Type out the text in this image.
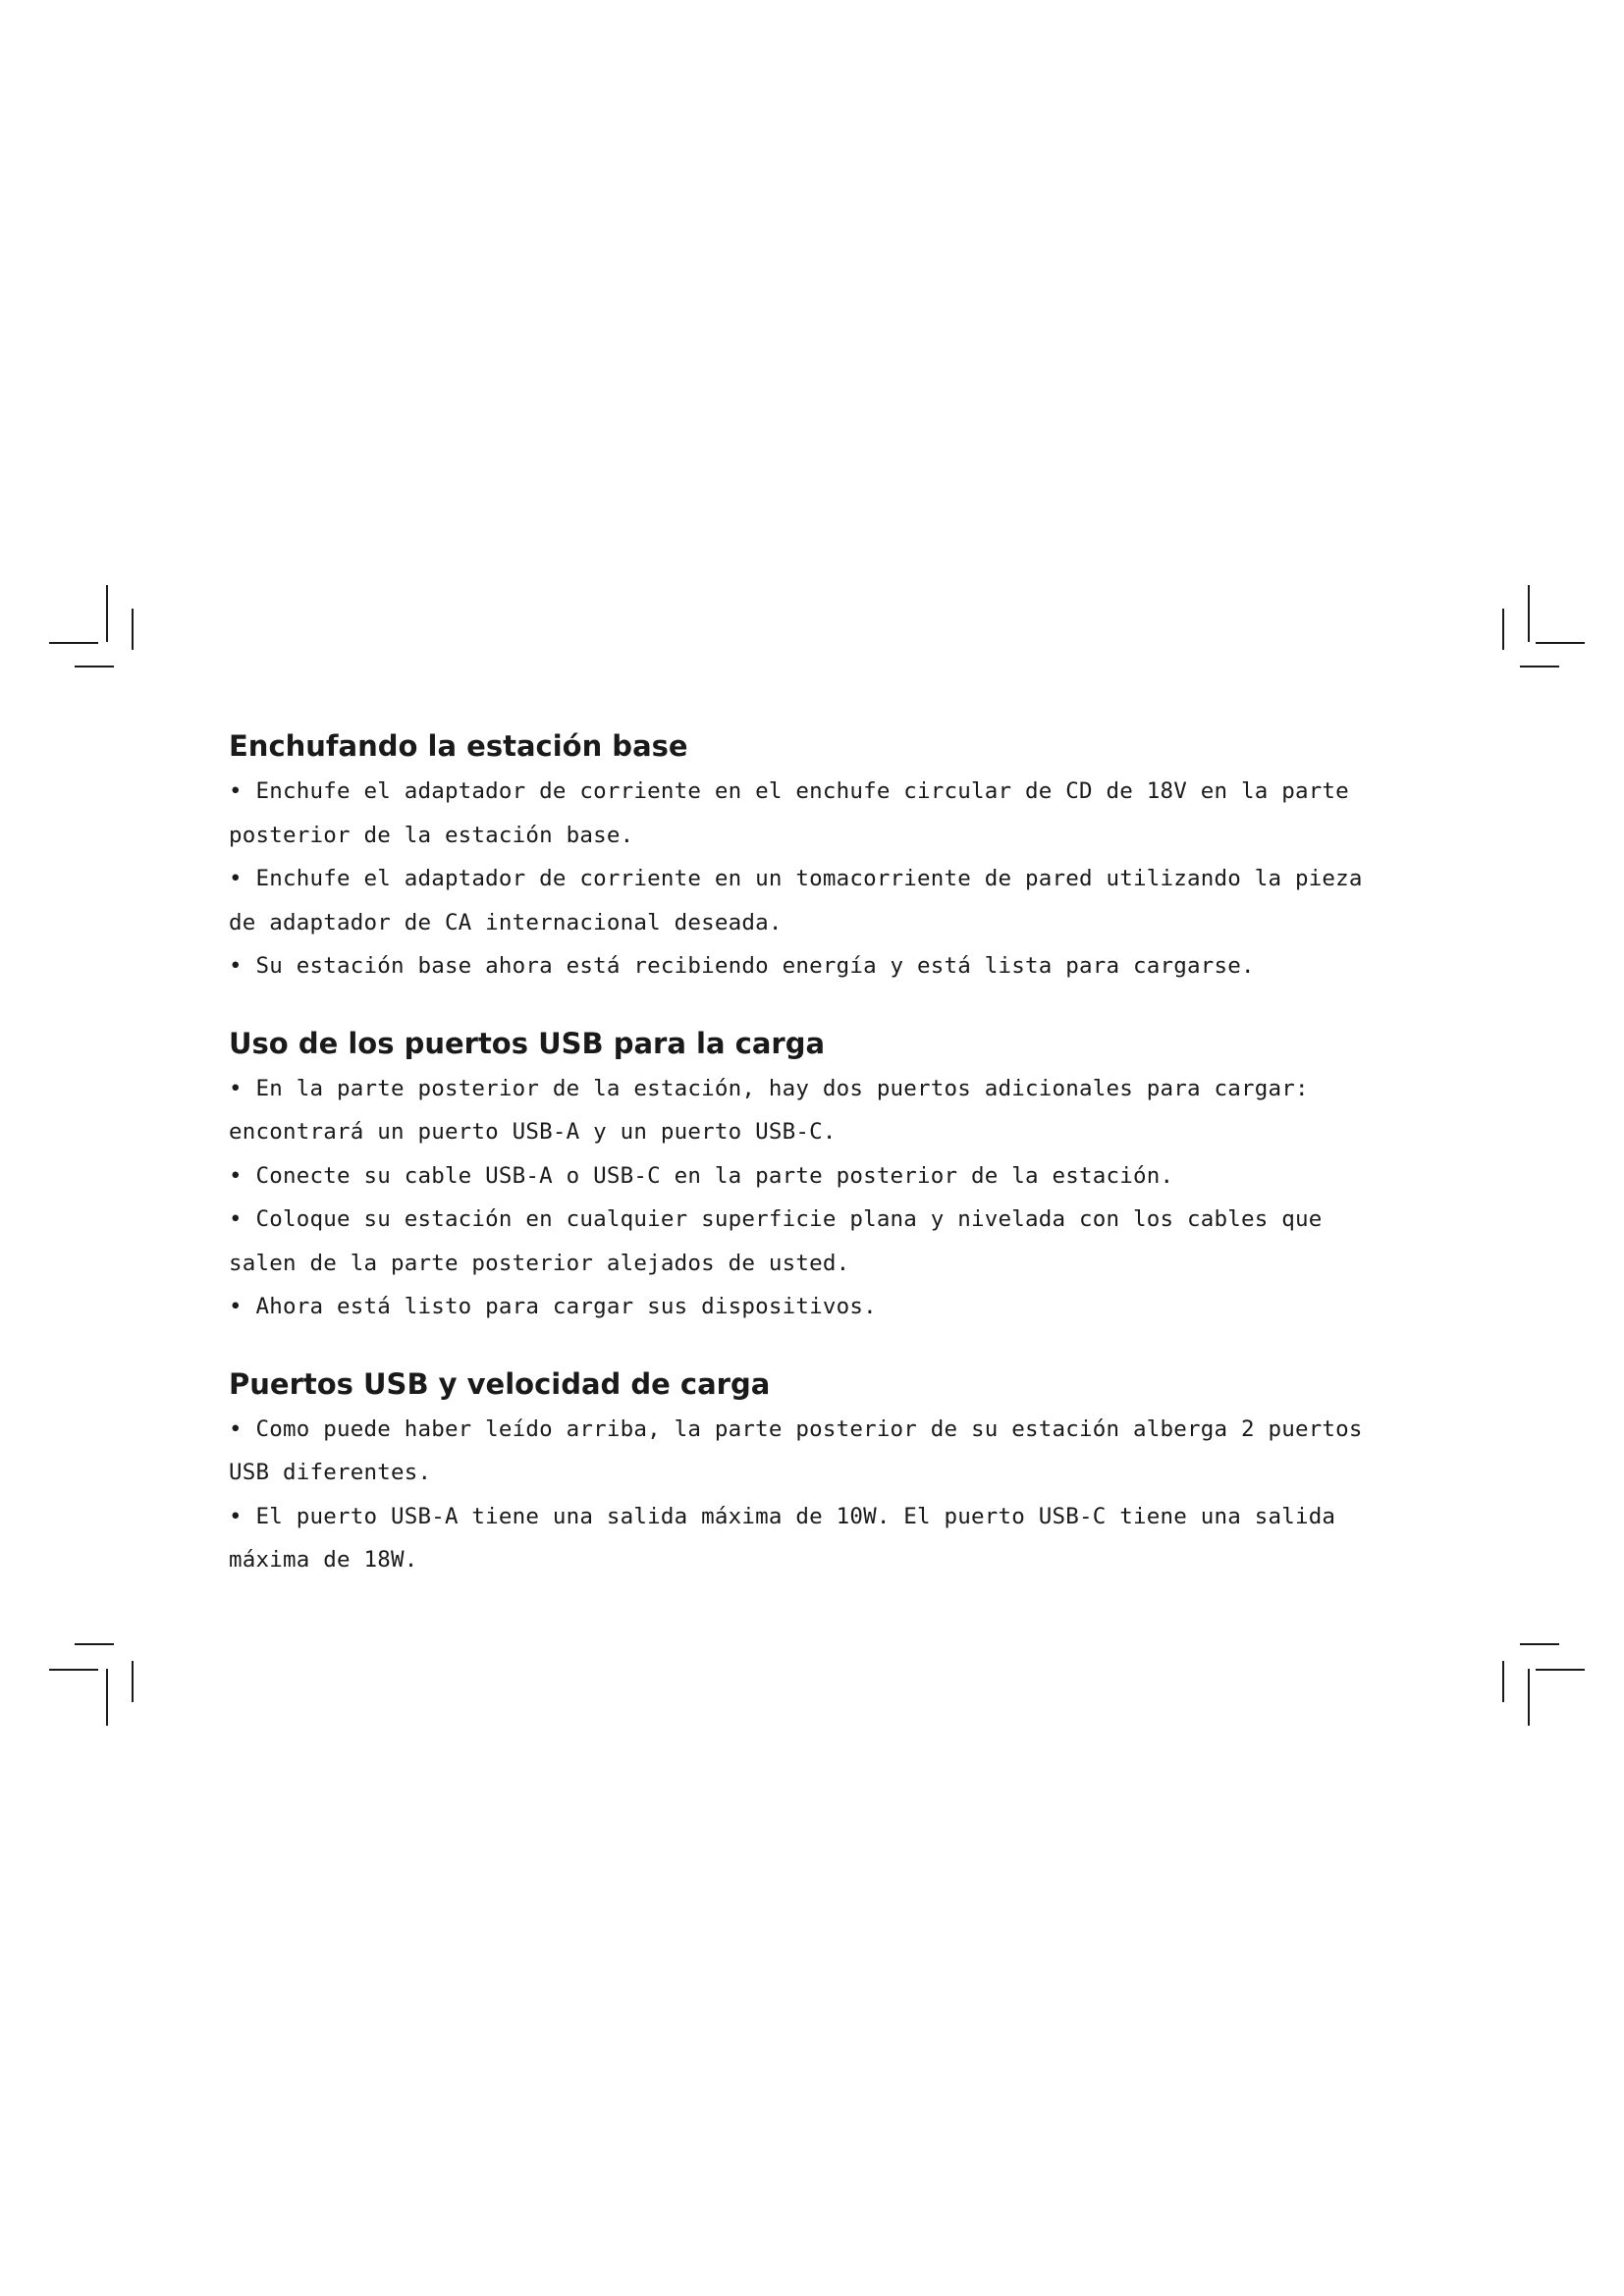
Enchufando la estación base
• Enchufe el adaptador de corriente en el enchufe circular de CD de 18V en la parte posterior de la estación base.
• Enchufe el adaptador de corriente en un tomacorriente de pared utilizando la pieza de adaptador de CA internacional deseada.
• Su estación base ahora está recibiendo energía y está lista para cargarse.
Uso de los puertos USB para la carga
• En la parte posterior de la estación, hay dos puertos adicionales para cargar: encontrará un puerto USB-A y un puerto USB-C.
• Conecte su cable USB-A o USB-C en la parte posterior de la estación.
• Coloque su estación en cualquier superficie plana y nivelada con los cables que salen de la parte posterior alejados de usted.
• Ahora está listo para cargar sus dispositivos.
Puertos USB y velocidad de carga
• Como puede haber leído arriba, la parte posterior de su estación alberga 2 puertos USB diferentes.
• El puerto USB-A tiene una salida máxima de 10W. El puerto USB-C tiene una salida máxima de 18W.
